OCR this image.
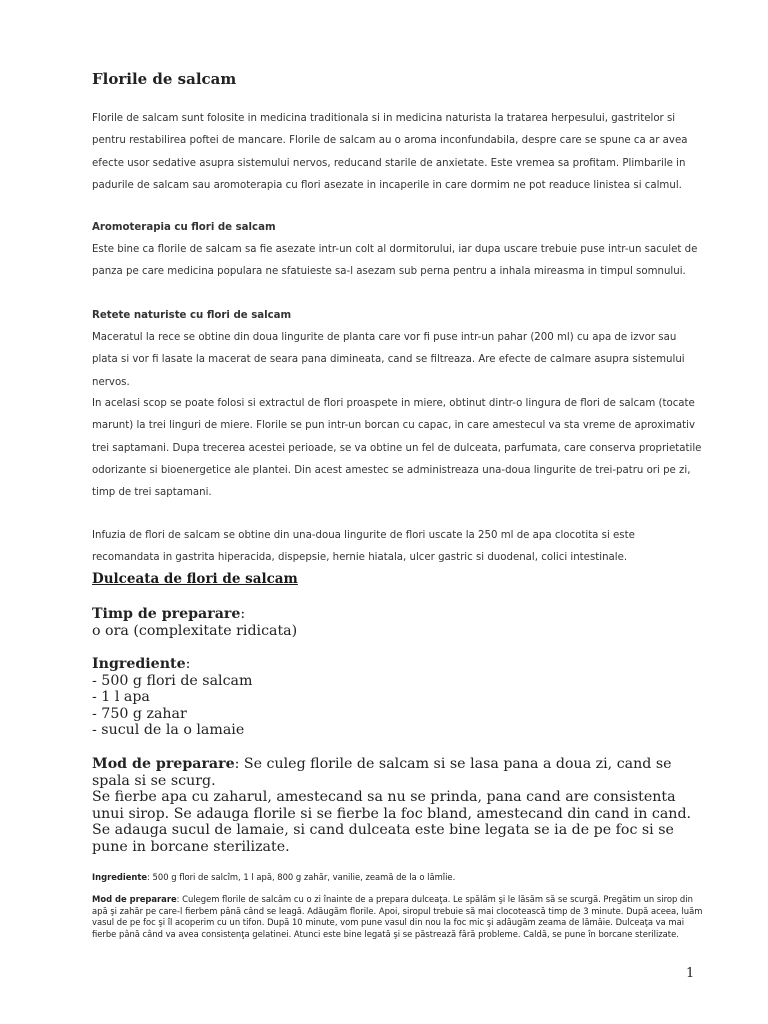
Florile de salcam

Florile de salcam sunt folosite in medicina traditionala si in medicina naturista la tratarea herpesului, gastritelor si pentru restabilirea poftei de mancare. Florile de salcam au o aroma inconfundabila, despre care se spune ca ar avea efecte usor sedative asupra sistemului nervos, reducand starile de anxietate. Este vremea sa profitam. Plimbarile in padurile de salcam sau aromoterapia cu flori asezate in incaperile in care dormim ne pot readuce linistea si calmul.

Aromoterapia cu flori de salcam

Este bine ca florile de salcam sa fie asezate intr-un colt al dormitorului, iar dupa uscare trebuie puse intr-un saculet de panza pe care medicina populara ne sfatuieste sa-l asezam sub perna pentru a inhala mireasma in timpul somnului.

Retete naturiste cu flori de salcam

Maceratul la rece se obtine din doua lingurite de planta care vor fi puse intr-un pahar (200 ml) cu apa de izvor sau plata si vor fi lasate la macerat de seara pana dimineata, cand se filtreaza. Are efecte de calmare asupra sistemului nervos.

In acelasi scop se poate folosi si extractul de flori proaspete in miere, obtinut dintr-o lingura de flori de salcam (tocate marunt) la trei linguri de miere. Florile se pun intr-un borcan cu capac, in care amestecul va sta vreme de aproximativ trei saptamani. Dupa trecerea acestei perioade, se va obtine un fel de dulceata, parfumata, care conserva proprietatile odorizante si bioenergetice ale plantei. Din acest amestec se administreaza una-doua lingurite de trei-patru ori pe zi, timp de trei saptamani.

Infuzia de flori de salcam se obtine din una-doua lingurite de flori uscate la 250 ml de apa clocotita si este recomandata in gastrita hiperacida, dispepsie, hernie hiatala, ulcer gastric si duodenal, colici intestinale.

Dulceata de flori de salcam
Timp de preparare:
o ora (complexitate ridicata)
Ingrediente:
- 500 g flori de salcam
- 1 l apa
- 750 g zahar
- sucul de la o lamaie
Mod de preparare: Se culeg florile de salcam si se lasa pana a doua zi, cand se spala si se scurg.
Se fierbe apa cu zaharul, amestecand sa nu se prinda, pana cand are consistenta unui sirop. Se adauga florile si se fierbe la foc bland, amestecand din cand in cand. Se adauga sucul de lamaie, si cand dulceata este bine legata se ia de pe foc si se pune in borcane sterilizate.

Ingrediente: 500 g flori de salcîm, 1 l apă, 800 g zahăr, vanilie, zeamă de la o lămîie.

Mod de preparare: Culegem florile de salcâm cu o zi înainte de a prepara dulceaţa. Le spălăm şi le lăsăm să se scurgă. Pregătim un sirop din apă şi zahăr pe care-l fierbem până când se leagă. Adăugăm florile. Apoi, siropul trebuie să mai clocotească timp de 3 minute. După aceea, luăm vasul de pe foc şi îl acoperim cu un tifon. După 10 minute, vom pune vasul din nou la foc mic şi adăugăm zeama de lămâie. Dulceaţa va mai fierbe până când va avea consistenţa gelatinei. Atunci este bine legată şi se păstrează fără probleme. Caldă, se pune în borcane sterilizate.

1
